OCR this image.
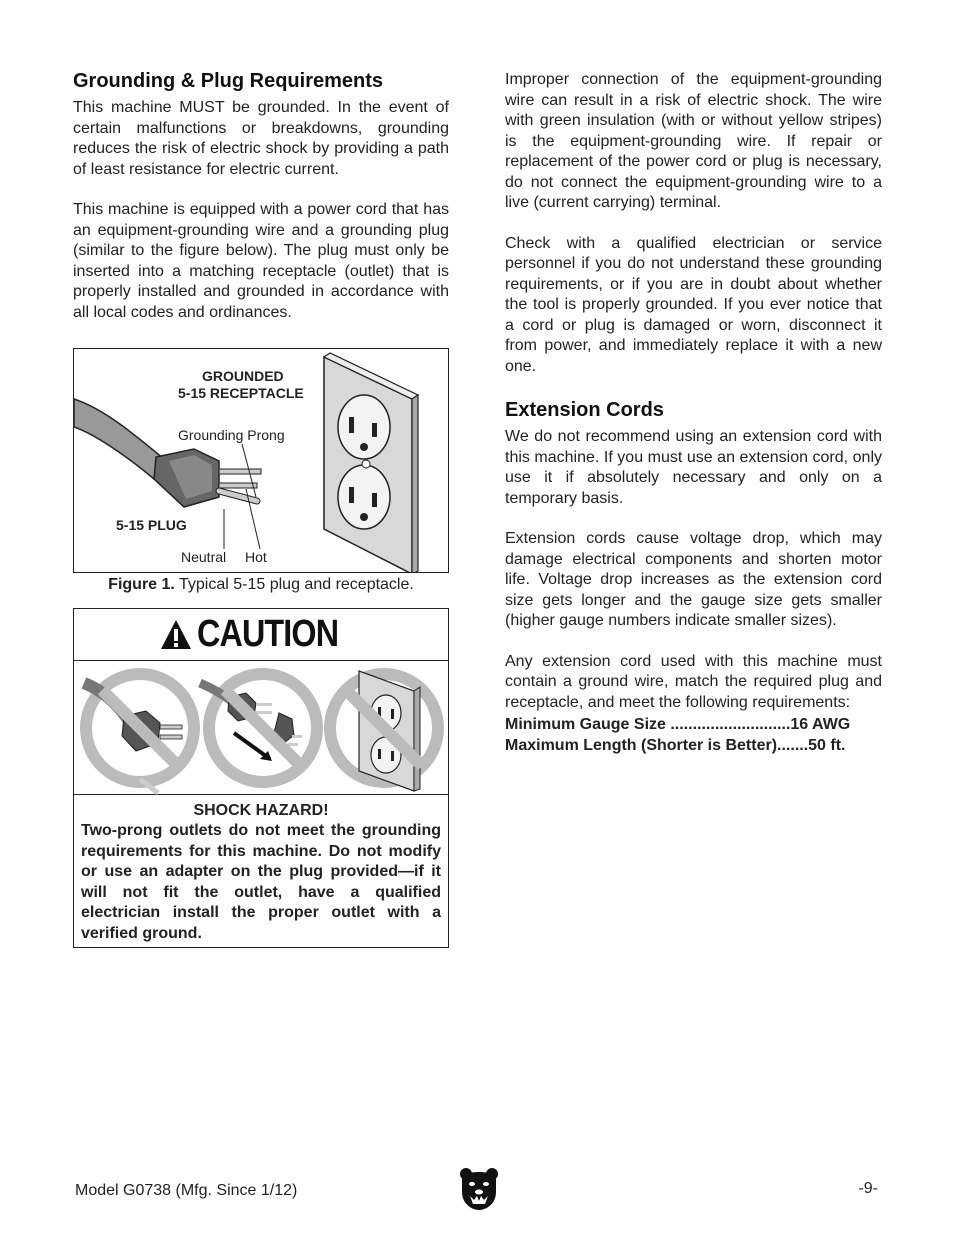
Grounding & Plug Requirements

This machine MUST be grounded. In the event of certain malfunctions or breakdowns, grounding reduces the risk of electric shock by providing a path of least resistance for electric current.

This machine is equipped with a power cord that has an equipment-grounding wire and a grounding plug (similar to the figure below). The plug must only be inserted into a matching receptacle (outlet) that is properly installed and grounded in accordance with all local codes and ordinances.

GROUNDED
5-15 RECEPTACLE
Grounding Prong
5-15 PLUG
Neutral Hot
Figure 1. Typical 5-15 plug and receptacle.
CAUTION
SHOCK HAZARD!
Two-prong outlets do not meet the grounding requirements for this machine. Do not modify or use an adapter on the plug provided—if it will not fit the outlet, have a qualified electrician install the proper outlet with a verified ground.

Improper connection of the equipment-grounding wire can result in a risk of electric shock. The wire with green insulation (with or without yellow stripes) is the equipment-grounding wire. If repair or replacement of the power cord or plug is necessary, do not connect the equipment-grounding wire to a live (current carrying) terminal.

Check with a qualified electrician or service personnel if you do not understand these grounding requirements, or if you are in doubt about whether the tool is properly grounded. If you ever notice that a cord or plug is damaged or worn, disconnect it from power, and immediately replace it with a new one.

Extension Cords

We do not recommend using an extension cord with this machine. If you must use an extension cord, only use it if absolutely necessary and only on a temporary basis.

Extension cords cause voltage drop, which may damage electrical components and shorten motor life. Voltage drop increases as the extension cord size gets longer and the gauge size gets smaller (higher gauge numbers indicate smaller sizes).

Any extension cord used with this machine must contain a ground wire, match the required plug and receptacle, and meet the following requirements:

Minimum Gauge Size ...........................16 AWG
Maximum Length (Shorter is Better).......50 ft.
Model G0738 (Mfg. Since 1/12)	-9-
